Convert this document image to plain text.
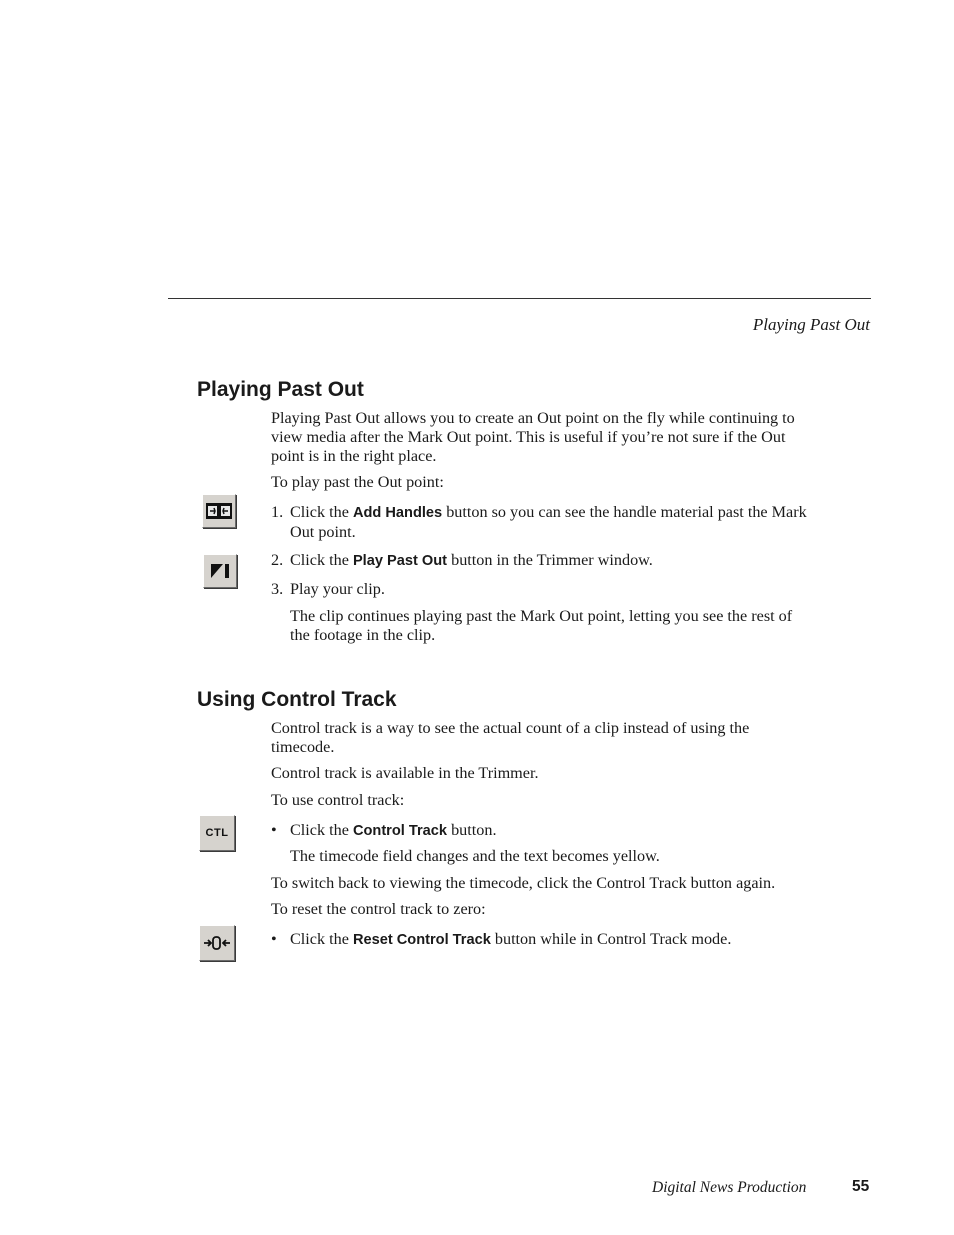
Playing Past Out
Playing Past Out

Playing Past Out allows you to create an Out point on the fly while continuing to view media after the Mark Out point. This is useful if you’re not sure if the Out point is in the right place.

To play past the Out point:

1. Click the Add Handles button so you can see the handle material past the Mark Out point.

2. Click the Play Past Out button in the Trimmer window.

3. Play your clip.

The clip continues playing past the Mark Out point, letting you see the rest of the footage in the clip.

Using Control Track

Control track is a way to see the actual count of a clip instead of using the timecode.

Control track is available in the Trimmer.

To use control track:

CTL	• Click the Control Track button.

The timecode field changes and the text becomes yellow.

To switch back to viewing the timecode, click the Control Track button again.

To reset the control track to zero:

• Click the Reset Control Track button while in Control Track mode.

Digital News Production	55
